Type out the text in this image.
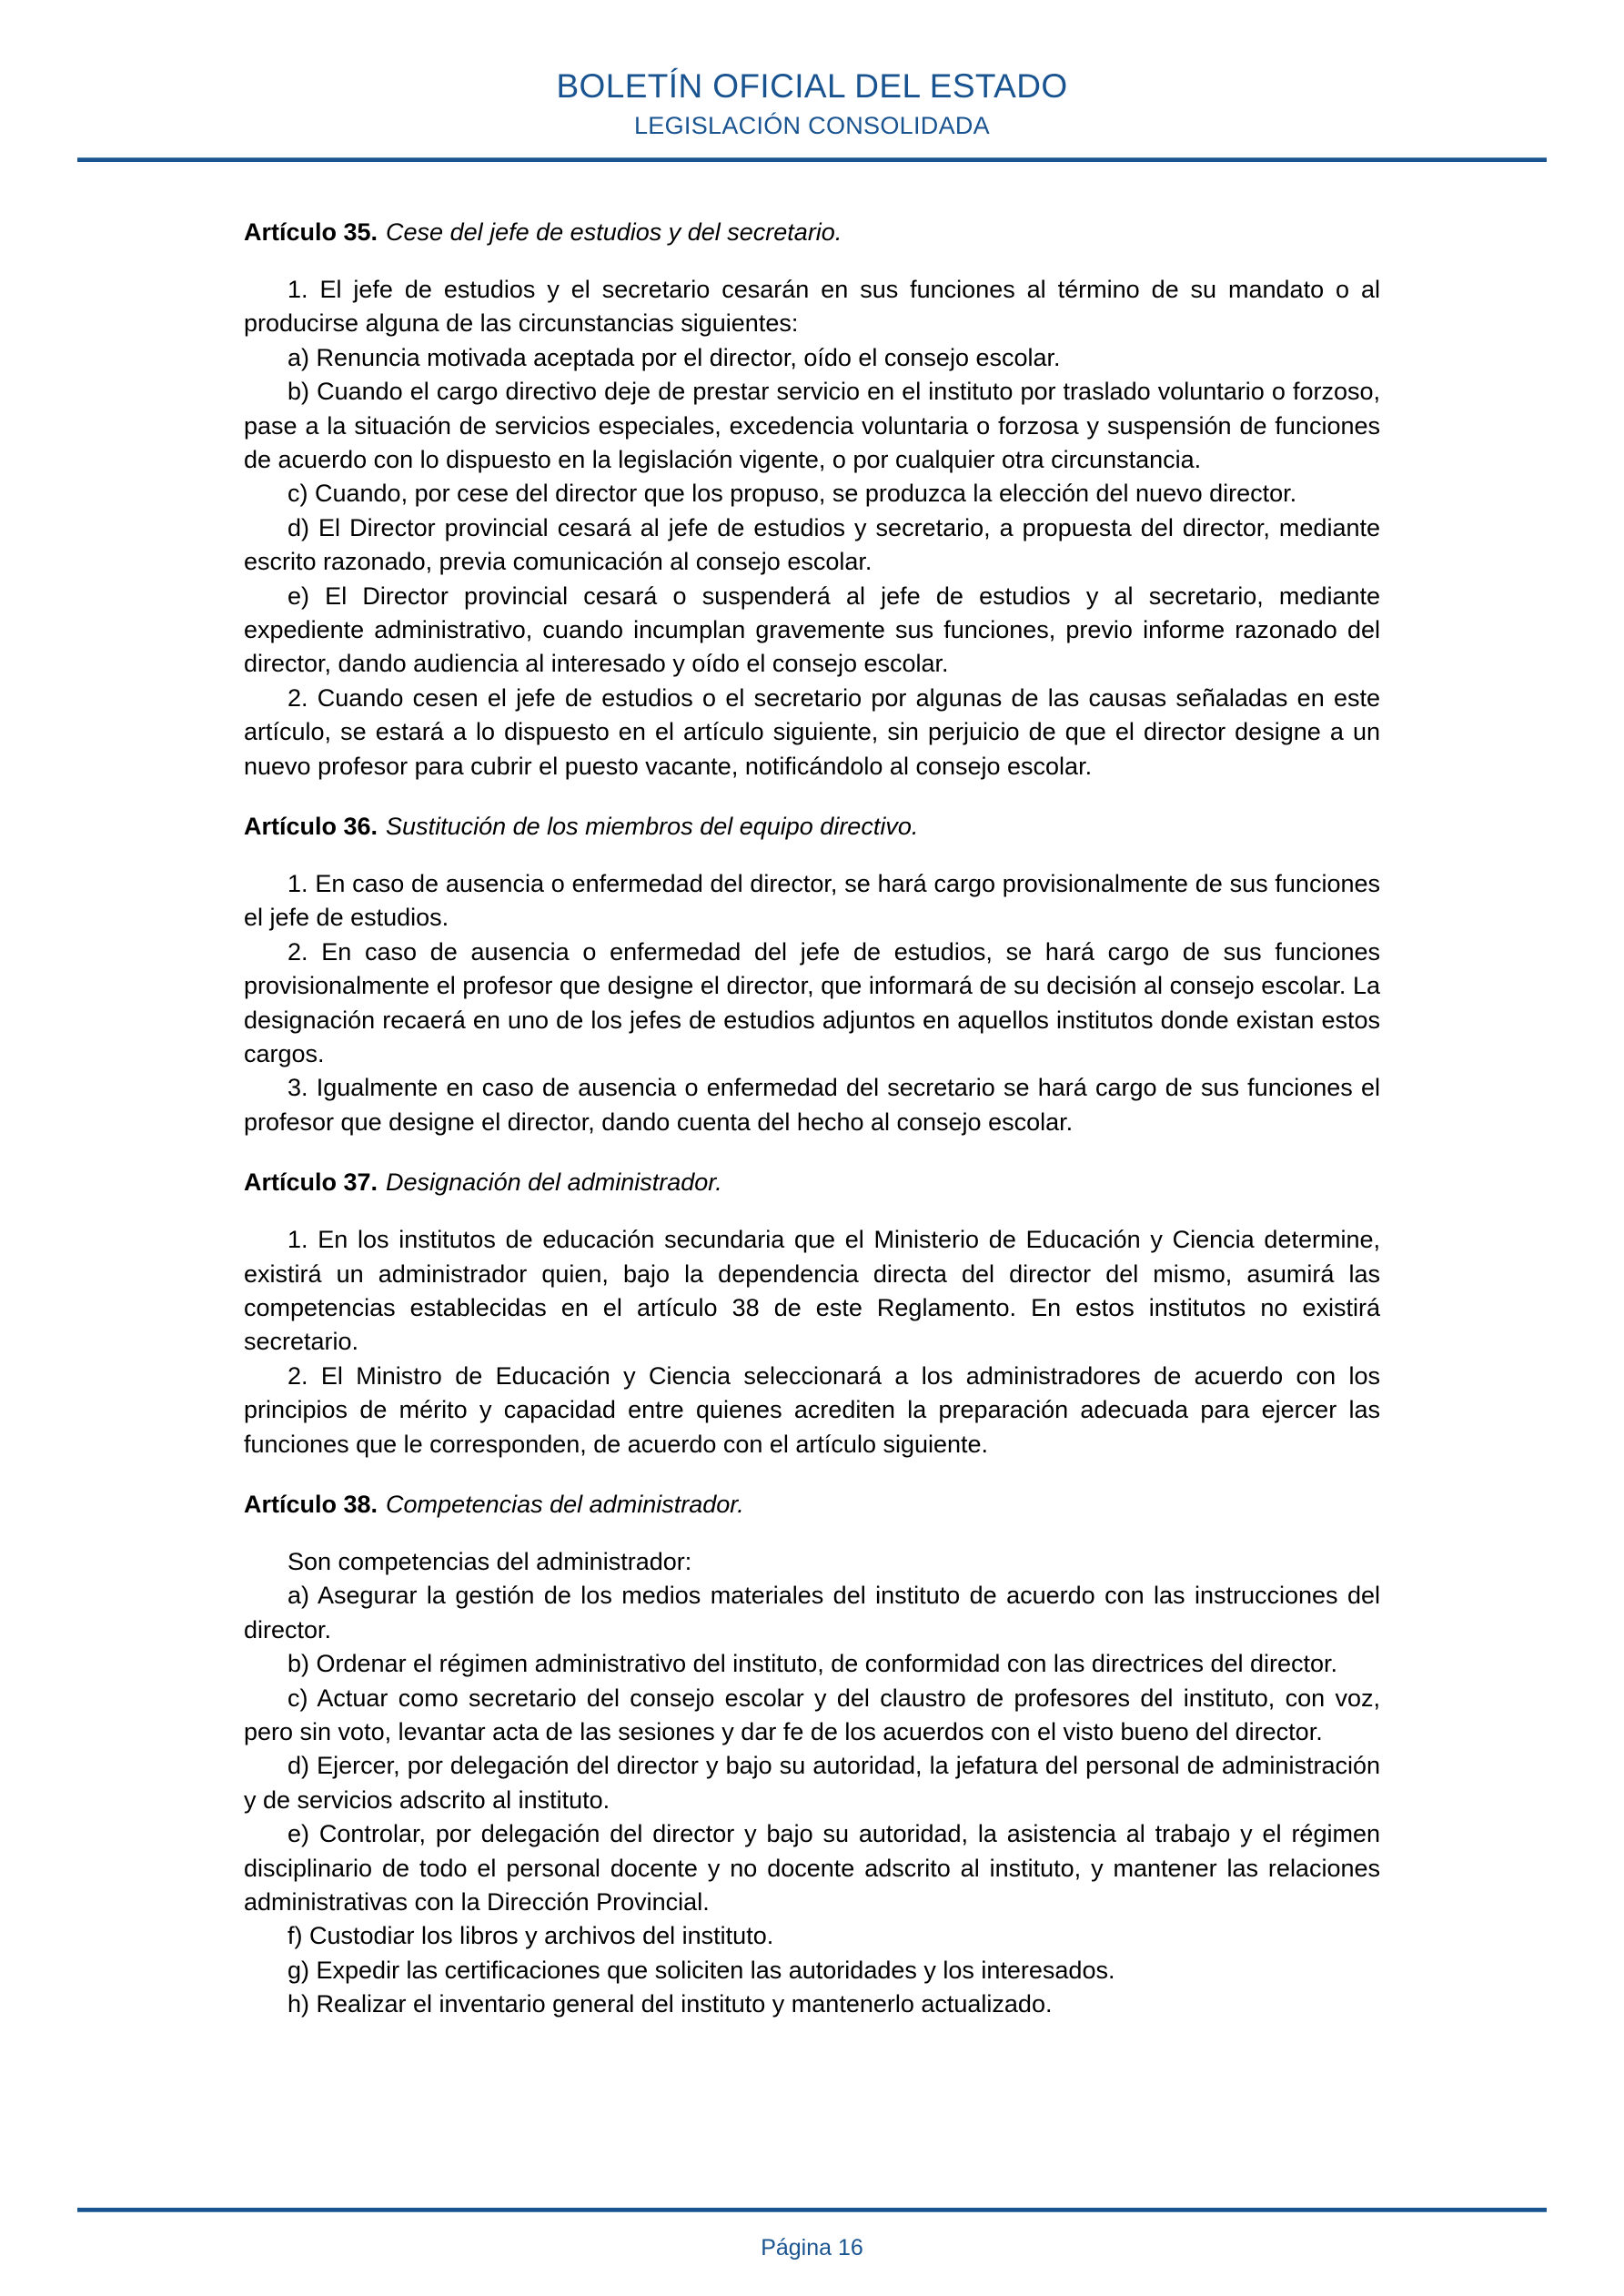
BOLETÍN OFICIAL DEL ESTADO
LEGISLACIÓN CONSOLIDADA
Artículo 35. Cese del jefe de estudios y del secretario.

1. El jefe de estudios y el secretario cesarán en sus funciones al término de su mandato o al producirse alguna de las circunstancias siguientes:

a) Renuncia motivada aceptada por el director, oído el consejo escolar.

b) Cuando el cargo directivo deje de prestar servicio en el instituto por traslado voluntario o forzoso, pase a la situación de servicios especiales, excedencia voluntaria o forzosa y suspensión de funciones de acuerdo con lo dispuesto en la legislación vigente, o por cualquier otra circunstancia.

c) Cuando, por cese del director que los propuso, se produzca la elección del nuevo director.

d) El Director provincial cesará al jefe de estudios y secretario, a propuesta del director, mediante escrito razonado, previa comunicación al consejo escolar.

e) El Director provincial cesará o suspenderá al jefe de estudios y al secretario, mediante expediente administrativo, cuando incumplan gravemente sus funciones, previo informe razonado del director, dando audiencia al interesado y oído el consejo escolar.

2. Cuando cesen el jefe de estudios o el secretario por algunas de las causas señaladas en este artículo, se estará a lo dispuesto en el artículo siguiente, sin perjuicio de que el director designe a un nuevo profesor para cubrir el puesto vacante, notificándolo al consejo escolar.

Artículo 36. Sustitución de los miembros del equipo directivo.

1. En caso de ausencia o enfermedad del director, se hará cargo provisionalmente de sus funciones el jefe de estudios.

2. En caso de ausencia o enfermedad del jefe de estudios, se hará cargo de sus funciones provisionalmente el profesor que designe el director, que informará de su decisión al consejo escolar. La designación recaerá en uno de los jefes de estudios adjuntos en aquellos institutos donde existan estos cargos.

3. Igualmente en caso de ausencia o enfermedad del secretario se hará cargo de sus funciones el profesor que designe el director, dando cuenta del hecho al consejo escolar.

Artículo 37. Designación del administrador.

1. En los institutos de educación secundaria que el Ministerio de Educación y Ciencia determine, existirá un administrador quien, bajo la dependencia directa del director del mismo, asumirá las competencias establecidas en el artículo 38 de este Reglamento. En estos institutos no existirá secretario.

2. El Ministro de Educación y Ciencia seleccionará a los administradores de acuerdo con los principios de mérito y capacidad entre quienes acrediten la preparación adecuada para ejercer las funciones que le corresponden, de acuerdo con el artículo siguiente.

Artículo 38. Competencias del administrador.

Son competencias del administrador:

a) Asegurar la gestión de los medios materiales del instituto de acuerdo con las instrucciones del director.

b) Ordenar el régimen administrativo del instituto, de conformidad con las directrices del director.

c) Actuar como secretario del consejo escolar y del claustro de profesores del instituto, con voz, pero sin voto, levantar acta de las sesiones y dar fe de los acuerdos con el visto bueno del director.

d) Ejercer, por delegación del director y bajo su autoridad, la jefatura del personal de administración y de servicios adscrito al instituto.

e) Controlar, por delegación del director y bajo su autoridad, la asistencia al trabajo y el régimen disciplinario de todo el personal docente y no docente adscrito al instituto, y mantener las relaciones administrativas con la Dirección Provincial.

f) Custodiar los libros y archivos del instituto.

g) Expedir las certificaciones que soliciten las autoridades y los interesados.

h) Realizar el inventario general del instituto y mantenerlo actualizado.

Página 16
